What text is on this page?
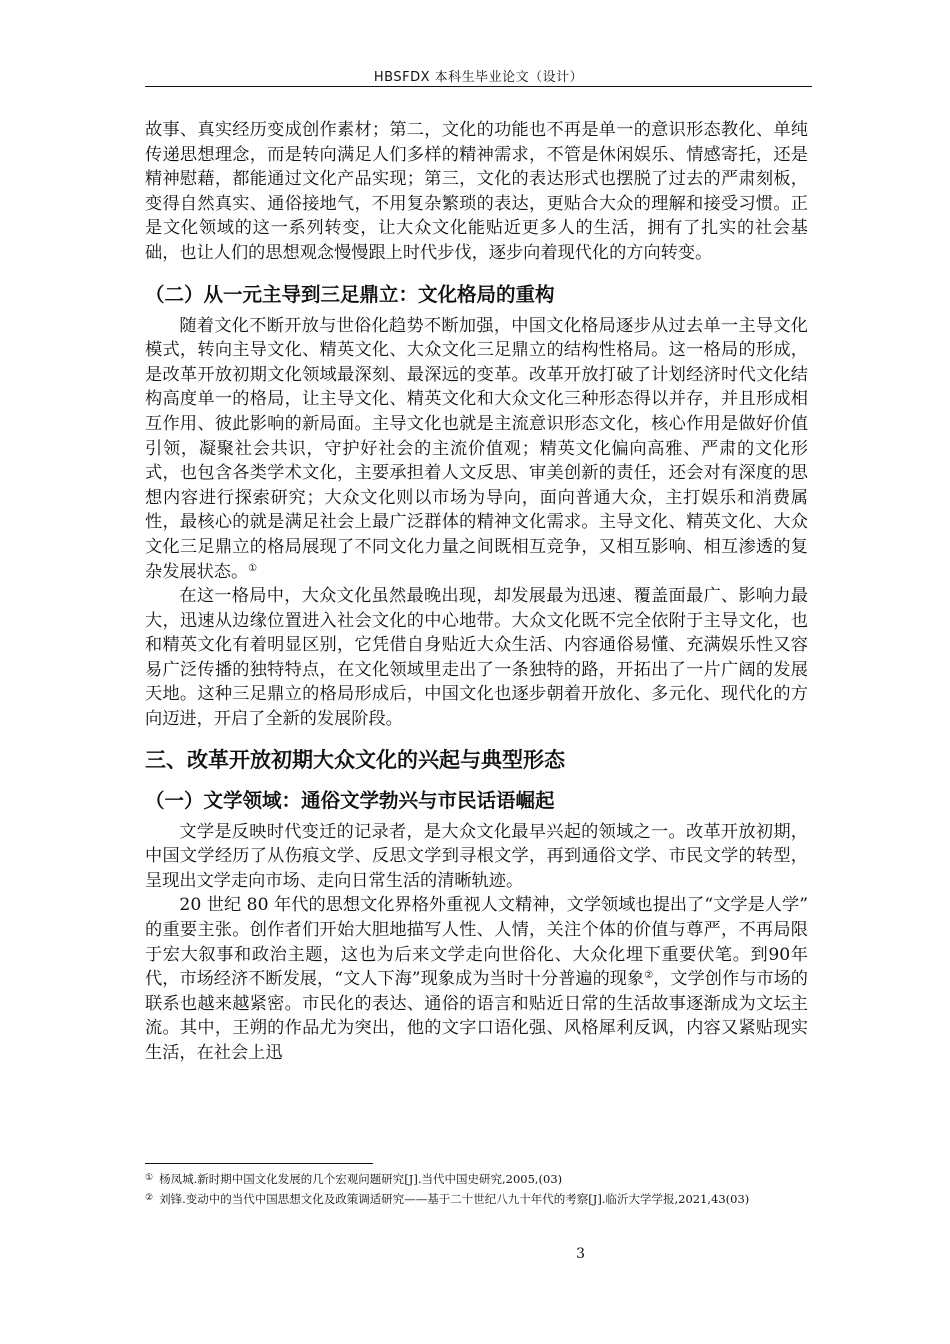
HBSFDX 本科生毕业论文（设计）

故事、真实经历变成创作素材；第二，文化的功能也不再是单一的意识形态教化、单纯传递思想理念，而是转向满足人们多样的精神需求，不管是休闲娱乐、情感寄托，还是精神慰藉，都能通过文化产品实现；第三，文化的表达形式也摆脱了过去的严肃刻板，变得自然真实、通俗接地气，不用复杂繁琐的表达，更贴合大众的理解和接受习惯。正是文化领域的这一系列转变，让大众文化能贴近更多人的生活，拥有了扎实的社会基础，也让人们的思想观念慢慢跟上时代步伐，逐步向着现代化的方向转变。

（二）从一元主导到三足鼎立：文化格局的重构

随着文化不断开放与世俗化趋势不断加强，中国文化格局逐步从过去单一主导文化模式，转向主导文化、精英文化、大众文化三足鼎立的结构性格局。这一格局的形成，是改革开放初期文化领域最深刻、最深远的变革。改革开放打破了计划经济时代文化结构高度单一的格局，让主导文化、精英文化和大众文化三种形态得以并存，并且形成相互作用、彼此影响的新局面。主导文化也就是主流意识形态文化，核心作用是做好价值引领，凝聚社会共识，守护好社会的主流价值观；精英文化偏向高雅、严肃的文化形式，也包含各类学术文化，主要承担着人文反思、审美创新的责任，还会对有深度的思想内容进行探索研究；大众文化则以市场为导向，面向普通大众，主打娱乐和消费属性，最核心的就是满足社会上最广泛群体的精神文化需求。主导文化、精英文化、大众文化三足鼎立的格局展现了不同文化力量之间既相互竞争，又相互影响、相互渗透的复杂发展状态。①

在这一格局中，大众文化虽然最晚出现，却发展最为迅速、覆盖面最广、影响力最大，迅速从边缘位置进入社会文化的中心地带。大众文化既不完全依附于主导文化，也和精英文化有着明显区别，它凭借自身贴近大众生活、内容通俗易懂、充满娱乐性又容易广泛传播的独特特点，在文化领域里走出了一条独特的路，开拓出了一片广阔的发展天地。这种三足鼎立的格局形成后，中国文化也逐步朝着开放化、多元化、现代化的方向迈进，开启了全新的发展阶段。

三、改革开放初期大众文化的兴起与典型形态
（一）文学领域：通俗文学勃兴与市民话语崛起

文学是反映时代变迁的记录者，是大众文化最早兴起的领域之一。改革开放初期，中国文学经历了从伤痕文学、反思文学到寻根文学，再到通俗文学、市民文学的转型，呈现出文学走向市场、走向日常生活的清晰轨迹。

20 世纪 80 年代的思想文化界格外重视人文精神，文学领域也提出了“文学是人学” 的重要主张。创作者们开始大胆地描写人性、人情，关注个体的价值与尊严，不再局限于宏大叙事和政治主题，这也为后来文学走向世俗化、大众化埋下重要伏笔。到90年代，市场经济不断发展，“文人下海”现象成为当时十分普遍的现象②，文学创作与市场的联系也越来越紧密。市民化的表达、通俗的语言和贴近日常的生活故事逐渐成为文坛主流。其中，王朔的作品尤为突出，他的文字口语化强、风格犀利反讽，内容又紧贴现实生活，在社会上迅

① 杨凤城.新时期中国文化发展的几个宏观问题研究[J].当代中国史研究,2005,(03)

② 刘锋.变动中的当代中国思想文化及政策调适研究——基于二十世纪八九十年代的考察[J].临沂大学学报,2021,43(03)

3
